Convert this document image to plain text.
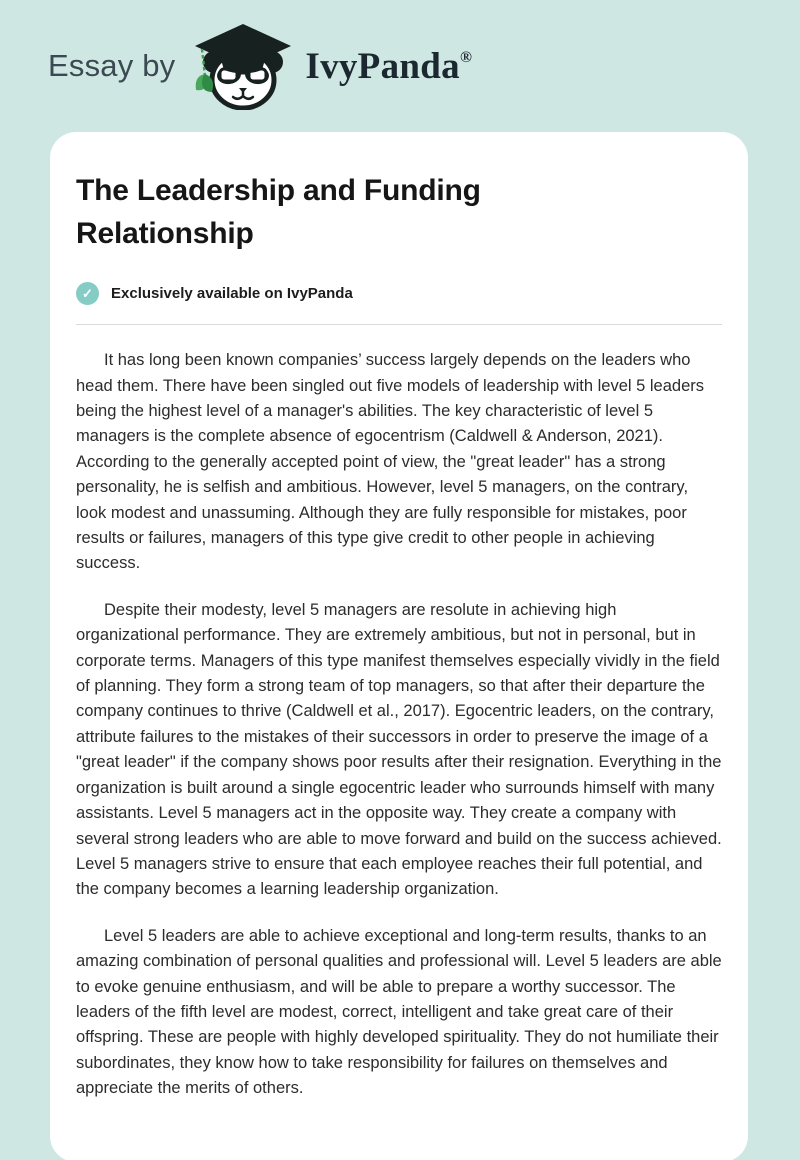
Essay by	IvyPanda®
The Leadership and Funding Relationship
✓	Exclusively available on IvyPanda

It has long been known companies’ success largely depends on the leaders who head them. There have been singled out five models of leadership with level 5 leaders being the highest level of a manager's abilities. The key characteristic of level 5 managers is the complete absence of egocentrism (Caldwell & Anderson, 2021). According to the generally accepted point of view, the "great leader" has a strong personality, he is selfish and ambitious. However, level 5 managers, on the contrary, look modest and unassuming. Although they are fully responsible for mistakes, poor results or failures, managers of this type give credit to other people in achieving success.

Despite their modesty, level 5 managers are resolute in achieving high organizational performance. They are extremely ambitious, but not in personal, but in corporate terms. Managers of this type manifest themselves especially vividly in the field of planning. They form a strong team of top managers, so that after their departure the company continues to thrive (Caldwell et al., 2017). Egocentric leaders, on the contrary, attribute failures to the mistakes of their successors in order to preserve the image of a "great leader" if the company shows poor results after their resignation. Everything in the organization is built around a single egocentric leader who surrounds himself with many assistants. Level 5 managers act in the opposite way. They create a company with several strong leaders who are able to move forward and build on the success achieved. Level 5 managers strive to ensure that each employee reaches their full potential, and the company becomes a learning leadership organization.

Level 5 leaders are able to achieve exceptional and long-term results, thanks to an amazing combination of personal qualities and professional will. Level 5 leaders are able to evoke genuine enthusiasm, and will be able to prepare a worthy successor. The leaders of the fifth level are modest, correct, intelligent and take great care of their offspring. These are people with highly developed spirituality. They do not humiliate their subordinates, they know how to take responsibility for failures on themselves and appreciate the merits of others.
